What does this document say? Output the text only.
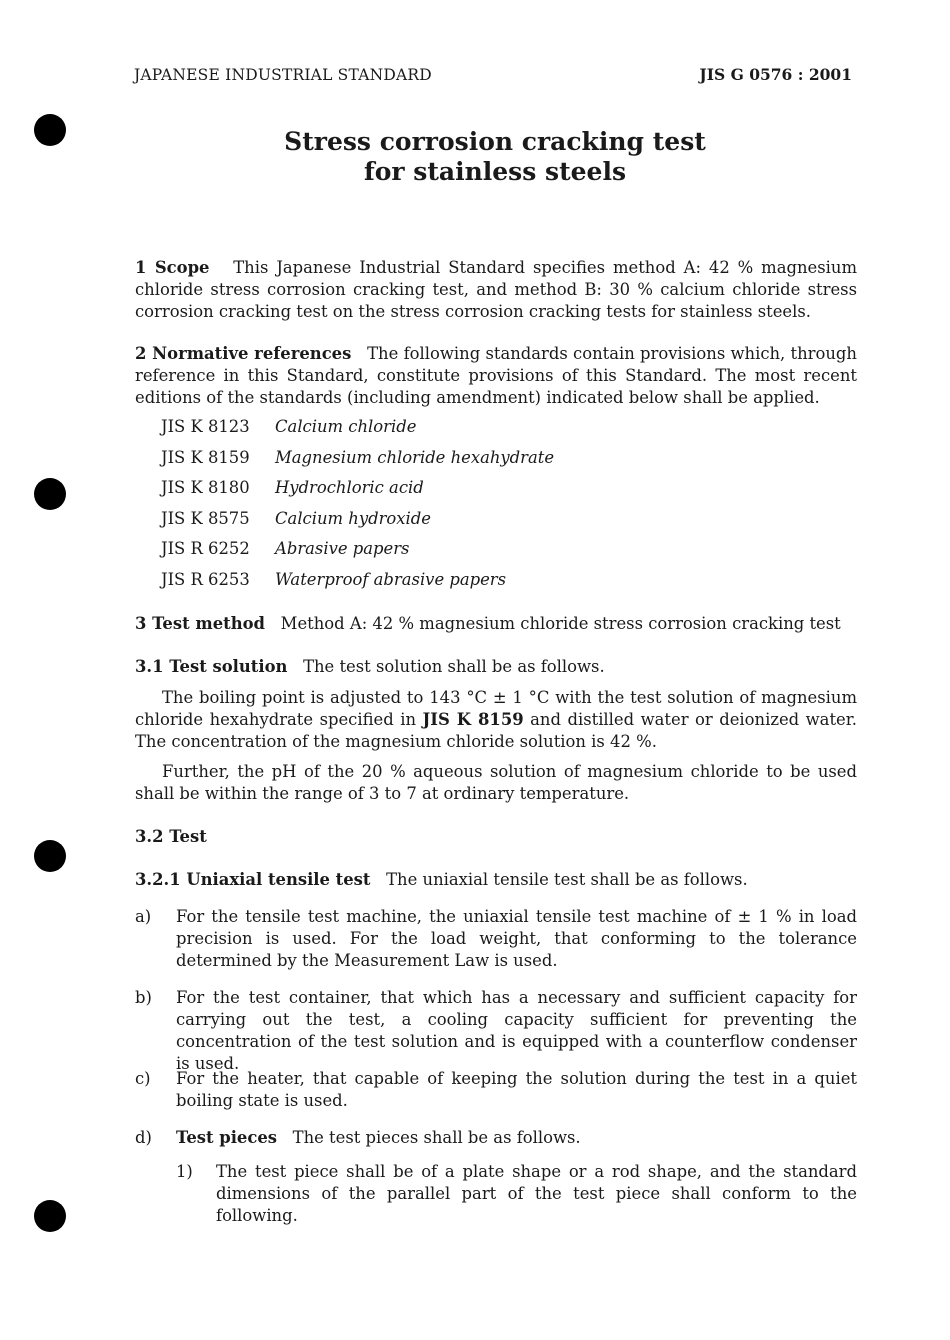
JAPANESE INDUSTRIAL STANDARD	JIS G 0576 : 2001
Stress corrosion cracking test
for stainless steels
1 Scope This Japanese Industrial Standard specifies method A: 42 % magnesium chloride stress corrosion cracking test, and method B: 30 % calcium chloride stress corrosion cracking test on the stress corrosion cracking tests for stainless steels.
2 Normative references The following standards contain provisions which, through reference in this Standard, constitute provisions of this Standard. The most recent editions of the standards (including amendment) indicated below shall be applied.
JIS K 8123 Calcium chloride
JIS K 8159 Magnesium chloride hexahydrate
JIS K 8180 Hydrochloric acid
JIS K 8575 Calcium hydroxide
JIS R 6252 Abrasive papers
JIS R 6253 Waterproof abrasive papers
3 Test method Method A: 42 % magnesium chloride stress corrosion cracking test
3.1 Test solution The test solution shall be as follows.
The boiling point is adjusted to 143 °C ± 1 °C with the test solution of magnesium chloride hexahydrate specified in JIS K 8159 and distilled water or deionized water. The concentration of the magnesium chloride solution is 42 %.
Further, the pH of the 20 % aqueous solution of magnesium chloride to be used shall be within the range of 3 to 7 at ordinary temperature.
3.2 Test
3.2.1 Uniaxial tensile test The uniaxial tensile test shall be as follows.
a) For the tensile test machine, the uniaxial tensile test machine of ± 1 % in load precision is used. For the load weight, that conforming to the tolerance determined by the Measurement Law is used.
b) For the test container, that which has a necessary and sufficient capacity for carrying out the test, a cooling capacity sufficient for preventing the concentration of the test solution and is equipped with a counterflow condenser is used.
c) For the heater, that capable of keeping the solution during the test in a quiet boiling state is used.
d) Test pieces The test pieces shall be as follows.
1) The test piece shall be of a plate shape or a rod shape, and the standard dimensions of the parallel part of the test piece shall conform to the following.
